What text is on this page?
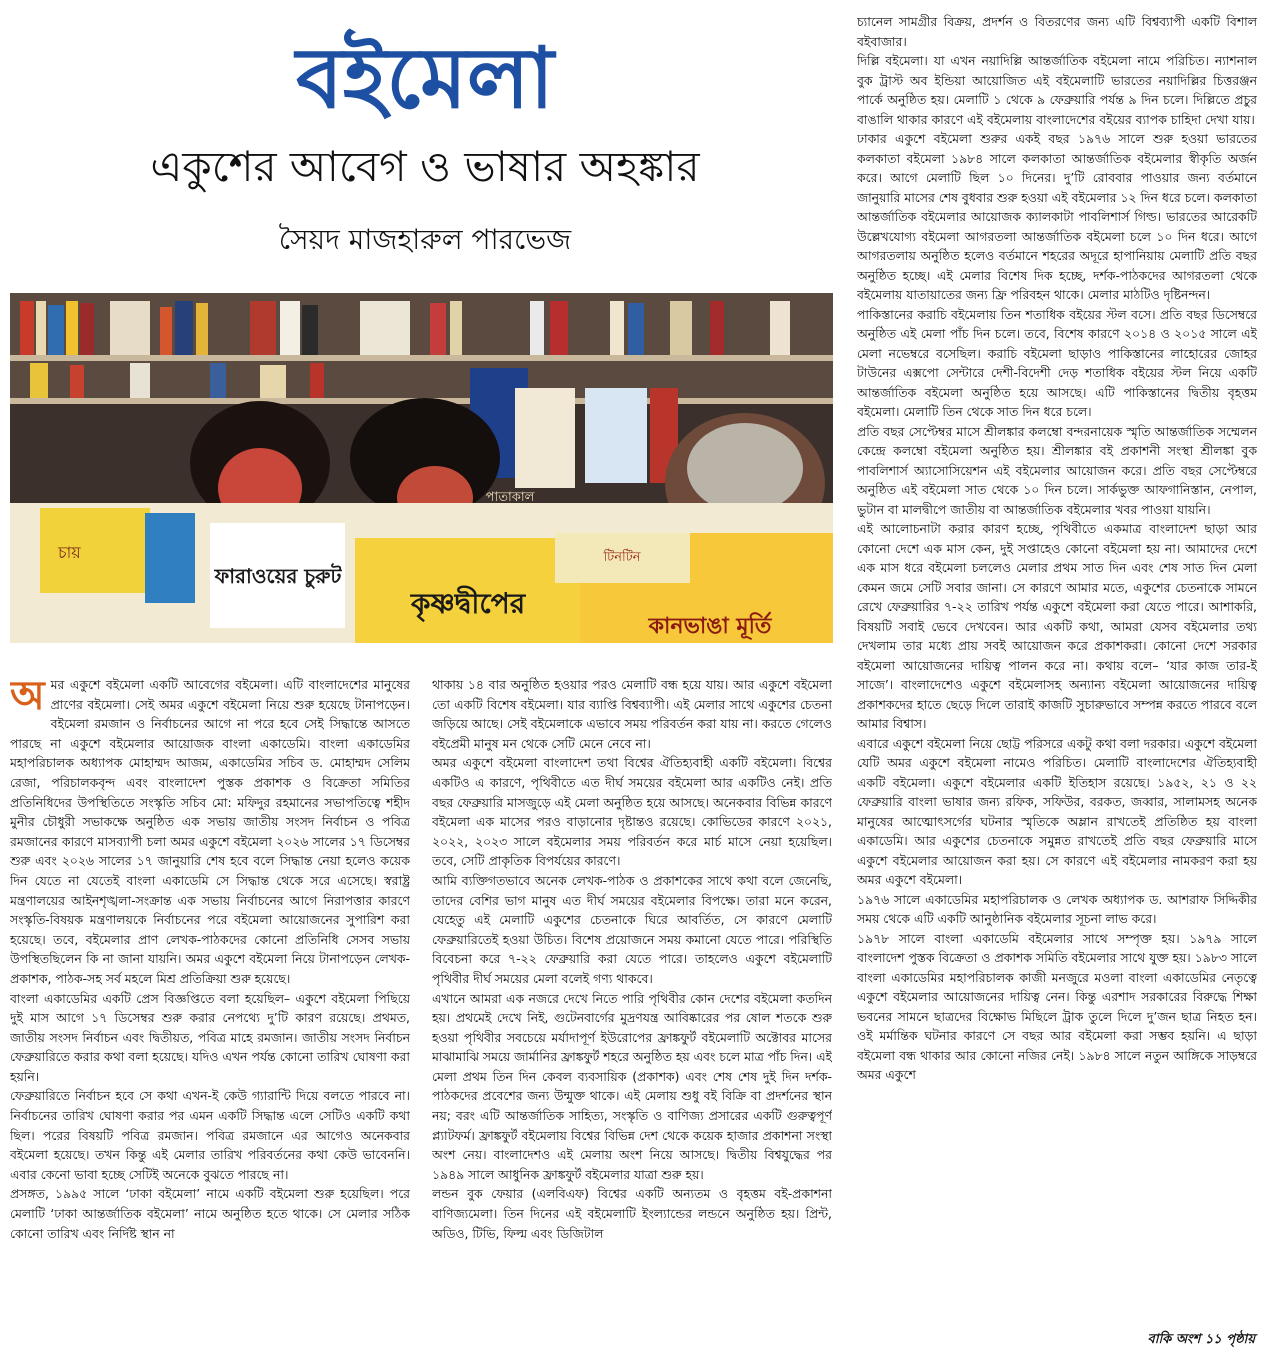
বইমেলা
একুশের আবেগ ও ভাষার অহঙ্কার
সৈয়দ মাজহারুল পারভেজ
চায়
ফারাওয়ের চুরুট
কৃষ্ণদ্বীপের
কানভাঙা মূর্তি
টিনটিন
পাতাকাল
অ মর একুশে বইমেলা একটি আবেগের বইমেলা। এটি বাংলাদেশের মানুষের প্রাণের বইমেলা। সেই অমর একুশে বইমেলা নিয়ে শুরু হয়েছে টানাপড়েন। বইমেলা রমজান ও নির্বাচনের আগে না পরে হবে সেই সিদ্ধান্তে আসতে পারছে না একুশে বইমেলার আয়োজক বাংলা একাডেমি। বাংলা একাডেমির মহাপরিচালক অধ্যাপক মোহাম্মদ আজম, একাডেমির সচিব ড. মোহাম্মদ সেলিম রেজা, পরিচালকবৃন্দ এবং বাংলাদেশ পুস্তক প্রকাশক ও বিক্রেতা সমিতির প্রতিনিধিদের উপস্থিতিতে সংস্কৃতি সচিব মো: মফিদুর রহমানের সভাপতিত্বে শহীদ মুনীর চৌধুরী সভাকক্ষে অনুষ্ঠিত এক সভায় জাতীয় সংসদ নির্বাচন ও পবিত্র রমজানের কারণে মাসব্যাপী চলা অমর একুশে বইমেলা ২০২৬ সালের ১৭ ডিসেম্বর শুরু এবং ২০২৬ সালের ১৭ জানুয়ারি শেষ হবে বলে সিদ্ধান্ত নেয়া হলেও কয়েক দিন যেতে না যেতেই বাংলা একাডেমি সে সিদ্ধান্ত থেকে সরে এসেছে। স্বরাষ্ট্র মন্ত্রণালয়ের আইনশৃঙ্খলা-সংক্রান্ত এক সভায় নির্বাচনের আগে নিরাপত্তার কারণে সংস্কৃতি-বিষয়ক মন্ত্রণালয়কে নির্বাচনের পরে বইমেলা আয়োজনের সুপারিশ করা হয়েছে। তবে, বইমেলার প্রাণ লেখক-পাঠকদের কোনো প্রতিনিধি সেসব সভায় উপস্থিতছিলেন কি না জানা যায়নি। অমর একুশে বইমেলা নিয়ে টানাপড়েন লেখক-প্রকাশক, পাঠক-সহ সর্ব মহলে মিশ্র প্রতিক্রিয়া শুরু হয়েছে।

বাংলা একাডেমির একটি প্রেস বিজ্ঞপ্তিতে বলা হয়েছিল– একুশে বইমেলা পিছিয়ে দুই মাস আগে ১৭ ডিসেম্বর শুরু করার নেপথ্যে দু’টি কারণ রয়েছে। প্রথমত, জাতীয় সংসদ নির্বাচন এবং দ্বিতীয়ত, পবিত্র মাহে রমজান। জাতীয় সংসদ নির্বাচন ফেব্রুয়ারিতে করার কথা বলা হয়েছে। যদিও এখন পর্যন্ত কোনো তারিখ ঘোষণা করা হয়নি।

ফেব্রুয়ারিতে নির্বাচন হবে সে কথা এখন-ই কেউ গ্যারান্টি দিয়ে বলতে পারবে না। নির্বাচনের তারিখ ঘোষণা করার পর এমন একটি সিদ্ধান্ত এলে সেটিও একটি কথা ছিল। পরের বিষয়টি পবিত্র রমজান। পবিত্র রমজানে এর আগেও অনেকবার বইমেলা হয়েছে। তখন কিন্তু এই মেলার তারিখ পরিবর্তনের কথা কেউ ভাবেননি। এবার কেনো ভাবা হচ্ছে সেটিই অনেকে বুঝতে পারছে না।

প্রসঙ্গত, ১৯৯৫ সালে ‘ঢাকা বইমেলা’ নামে একটি বইমেলা শুরু হয়েছিল। পরে মেলাটি ‘ঢাকা আন্তর্জাতিক বইমেলা’ নামে অনুষ্ঠিত হতে থাকে। সে মেলার সঠিক কোনো তারিখ এবং নির্দিষ্ট স্থান না

থাকায় ১৪ বার অনুষ্ঠিত হওয়ার পরও মেলাটি বন্ধ হয়ে যায়। আর একুশে বইমেলা তো একটি বিশেষ বইমেলা। যার ব্যাপ্তি বিশ্বব্যাপী। এই মেলার সাথে একুশের চেতনা জড়িয়ে আছে। সেই বইমেলাকে এভাবে সময় পরিবর্তন করা যায় না। করতে গেলেও বইপ্রেমী মানুষ মন থেকে সেটি মেনে নেবে না।

অমর একুশে বইমেলা বাংলাদেশ তথা বিশ্বের ঐতিহ্যবাহী একটি বইমেলা। বিশ্বের একটিও এ কারণে, পৃথিবীতে এত দীর্ঘ সময়ের বইমেলা আর একটিও নেই। প্রতি বছর ফেব্রুয়ারি মাসজুড়ে এই মেলা অনুষ্ঠিত হয়ে আসছে। অনেকবার বিভিন্ন কারণে বইমেলা এক মাসের পরও বাড়ানোর দৃষ্টান্তও রয়েছে। কোভিডের কারণে ২০২১, ২০২২, ২০২৩ সালে বইমেলার সময় পরিবর্তন করে মার্চ মাসে নেয়া হয়েছিল। তবে, সেটি প্রাকৃতিক বিপর্যয়ের কারণে।

আমি ব্যক্তিগতভাবে অনেক লেখক-পাঠক ও প্রকাশকের সাথে কথা বলে জেনেছি, তাদের বেশির ভাগ মানুষ এত দীর্ঘ সময়ের বইমেলার বিপক্ষে। তারা মনে করেন, যেহেতু এই মেলাটি একুশের চেতনাকে ঘিরে আবর্তিত, সে কারণে মেলাটি ফেব্রুয়ারিতেই হওয়া উচিত। বিশেষ প্রয়োজনে সময় কমানো যেতে পারে। পরিস্থিতি বিবেচনা করে ৭-২২ ফেব্রুয়ারি করা যেতে পারে। তাহলেও একুশে বইমেলাটি পৃথিবীর দীর্ঘ সময়ের মেলা বলেই গণ্য থাকবে।

এখানে আমরা এক নজরে দেখে নিতে পারি পৃথিবীর কোন দেশের বইমেলা কতদিন হয়। প্রথমেই দেখে নিই, গুটেনবার্গের মুদ্রণযন্ত্র আবিষ্কারের পর ষোল শতকে শুরু হওয়া পৃথিবীর সবচেয়ে মর্যাদাপূর্ণ ইউরোপের ফ্রাঙ্কফুর্ট বইমেলাটি অক্টোবর মাসের মাঝামাঝি সময়ে জার্মানির ফ্রাঙ্কফুর্ট শহরে অনুষ্ঠিত হয় এবং চলে মাত্র পাঁচ দিন। এই মেলা প্রথম তিন দিন কেবল ব্যবসায়িক (প্রকাশক) এবং শেষ শেষ দুই দিন দর্শক-পাঠকদের প্রবেশের জন্য উন্মুক্ত থাকে। এই মেলায় শুধু বই বিক্রি বা প্রদর্শনের স্থান নয়; বরং এটি আন্তর্জাতিক সাহিত্য, সংস্কৃতি ও বাণিজ্য প্রসারের একটি গুরুত্বপূর্ণ প্ল্যাটফর্ম। ফ্রাঙ্কফুর্ট বইমেলায় বিশ্বের বিভিন্ন দেশ থেকে কয়েক হাজার প্রকাশনা সংস্থা অংশ নেয়। বাংলাদেশও এই মেলায় অংশ নিয়ে আসছে। দ্বিতীয় বিশ্বযুদ্ধের পর ১৯৪৯ সালে আধুনিক ফ্রাঙ্কফুর্ট বইমেলার যাত্রা শুরু হয়।

লন্ডন বুক ফেয়ার (এলবিএফ) বিশ্বের একটি অন্যতম ও বৃহত্তম বই-প্রকাশনা বাণিজ্যমেলা। তিন দিনের এই বইমেলাটি ইংল্যান্ডের লন্ডনে অনুষ্ঠিত হয়। প্রিন্ট, অডিও, টিভি, ফিল্ম এবং ডিজিটাল

চ্যানেল সামগ্রীর বিক্রয়, প্রদর্শন ও বিতরণের জন্য এটি বিশ্বব্যাপী একটি বিশাল বইবাজার।

দিল্লি বইমেলা। যা এখন নয়াদিল্লি আন্তর্জাতিক বইমেলা নামে পরিচিত। ন্যাশনাল বুক ট্রাস্ট অব ইন্ডিয়া আয়োজিত এই বইমেলাটি ভারতের নয়াদিল্লির চিত্তরঞ্জন পার্কে অনুষ্ঠিত হয়। মেলাটি ১ থেকে ৯ ফেব্রুয়ারি পর্যন্ত ৯ দিন চলে। দিল্লিতে প্রচুর বাঙালি থাকার কারণে এই বইমেলায় বাংলাদেশের বইয়ের ব্যাপক চাহিদা দেখা যায়।

ঢাকার একুশে বইমেলা শুরুর একই বছর ১৯৭৬ সালে শুরু হওয়া ভারতের কলকাতা বইমেলা ১৯৮৪ সালে কলকাতা আন্তর্জাতিক বইমেলার স্বীকৃতি অর্জন করে। আগে মেলাটি ছিল ১০ দিনের। দু’টি রোববার পাওয়ার জন্য বর্তমানে জানুয়ারি মাসের শেষ বুধবার শুরু হওয়া এই বইমেলার ১২ দিন ধরে চলে। কলকাতা আন্তর্জাতিক বইমেলার আয়োজক ক্যালকাটা পাবলিশার্স গিল্ড। ভারতের আরেকটি উল্লেখযোগ্য বইমেলা আগরতলা আন্তর্জাতিক বইমেলা চলে ১০ দিন ধরে। আগে আগরতলায় অনুষ্ঠিত হলেও বর্তমানে শহরের অদূরে হাপানিয়ায় মেলাটি প্রতি বছর অনুষ্ঠিত হচ্ছে। এই মেলার বিশেষ দিক হচ্ছে, দর্শক-পাঠকদের আগরতলা থেকে বইমেলায় যাতায়াতের জন্য ফ্রি পরিবহন থাকে। মেলার মাঠটিও দৃষ্টিনন্দন।

পাকিস্তানের করাচি বইমেলায় তিন শতাধিক বইয়ের স্টল বসে। প্রতি বছর ডিসেম্বরে অনুষ্ঠিত এই মেলা পাঁচ দিন চলে। তবে, বিশেষ কারণে ২০১৪ ও ২০১৫ সালে এই মেলা নভেম্বরে বসেছিল। করাচি বইমেলা ছাড়াও পাকিস্তানের লাহোরের জোহর টাউনের এক্সপো সেন্টারে দেশী-বিদেশী দেড় শতাধিক বইয়ের স্টল নিয়ে একটি আন্তর্জাতিক বইমেলা অনুষ্ঠিত হয়ে আসছে। এটি পাকিস্তানের দ্বিতীয় বৃহত্তম বইমেলা। মেলাটি তিন থেকে সাত দিন ধরে চলে।

প্রতি বছর সেপ্টেম্বর মাসে শ্রীলঙ্কার কলম্বো বন্দরনায়েক স্মৃতি আন্তর্জাতিক সম্মেলন কেন্দ্রে কলম্বো বইমেলা অনুষ্ঠিত হয়। শ্রীলঙ্কার বই প্রকাশনী সংস্থা শ্রীলঙ্কা বুক পাবলিশার্স অ্যাসোসিয়েশন এই বইমেলার আয়োজন করে। প্রতি বছর সেপ্টেম্বরে অনুষ্ঠিত এই বইমেলা সাত থেকে ১০ দিন চলে। সার্কভুক্ত আফগানিস্তান, নেপাল, ভুটান বা মালদ্বীপে জাতীয় বা আন্তর্জাতিক বইমেলার খবর পাওয়া যায়নি।

এই আলোচনাটা করার কারণ হচ্ছে, পৃথিবীতে একমাত্র বাংলাদেশ ছাড়া আর কোনো দেশে এক মাস কেন, দুই সপ্তাহেও কোনো বইমেলা হয় না। আমাদের দেশে এক মাস ধরে বইমেলা চললেও মেলার প্রথম সাত দিন এবং শেষ সাত দিন মেলা কেমন জমে সেটি সবার জানা। সে কারণে আমার মতে, একুশের চেতনাকে সামনে রেখে ফেব্রুয়ারির ৭-২২ তারিখ পর্যন্ত একুশে বইমেলা করা যেতে পারে। আশাকরি, বিষয়টি সবাই ভেবে দেখবেন। আর একটি কথা, আমরা যেসব বইমেলার তথ্য দেখলাম তার মধ্যে প্রায় সবই আয়োজন করে প্রকাশকরা। কোনো দেশে সরকার বইমেলা আয়োজনের দায়িত্ব পালন করে না। কথায় বলে– ‘যার কাজ তার-ই সাজে’। বাংলাদেশেও একুশে বইমেলাসহ অন্যান্য বইমেলা আয়োজনের দায়িত্ব প্রকাশকদের হাতে ছেড়ে দিলে তারাই কাজটি সুচারুভাবে সম্পন্ন করতে পারবে বলে আমার বিশ্বাস।

এবারে একুশে বইমেলা নিয়ে ছোট্ট পরিসরে একটু কথা বলা দরকার। একুশে বইমেলা যেটি অমর একুশে বইমেলা নামেও পরিচিত। মেলাটি বাংলাদেশের ঐতিহ্যবাহী একটি বইমেলা। একুশে বইমেলার একটি ইতিহাস রয়েছে। ১৯৫২, ২১ ও ২২ ফেব্রুয়ারি বাংলা ভাষার জন্য রফিক, সফিউর, বরকত, জব্বার, সালামসহ অনেক মানুষের আত্মোৎসর্গের ঘটনার স্মৃতিকে অম্লান রাখতেই প্রতিষ্ঠিত হয় বাংলা একাডেমি। আর একুশের চেতনাকে সমুন্নত রাখতেই প্রতি বছর ফেব্রুয়ারি মাসে একুশে বইমেলার আয়োজন করা হয়। সে কারণে এই বইমেলার নামকরণ করা হয় অমর একুশে বইমেলা।

১৯৭৬ সালে একাডেমির মহাপরিচালক ও লেখক অধ্যাপক ড. আশরাফ সিদ্দিকীর সময় থেকে এটি একটি আনুষ্ঠানিক বইমেলার সূচনা লাভ করে।

১৯৭৮ সালে বাংলা একাডেমি বইমেলার সাথে সম্পৃক্ত হয়। ১৯৭৯ সালে বাংলাদেশ পুস্তক বিক্রেতা ও প্রকাশক সমিতি বইমেলার সাথে যুক্ত হয়। ১৯৮৩ সালে বাংলা একাডেমির মহাপরিচালক কাজী মনজুরে মওলা বাংলা একাডেমির নেতৃত্বে একুশে বইমেলার আয়োজনের দায়িত্ব নেন। কিন্তু এরশাদ সরকারের বিরুদ্ধে শিক্ষা ভবনের সামনে ছাত্রদের বিক্ষোভ মিছিলে ট্রাক তুলে দিলে দু’জন ছাত্র নিহত হন। ওই মর্মান্তিক ঘটনার কারণে সে বছর আর বইমেলা করা সম্ভব হয়নি। এ ছাড়া বইমেলা বন্ধ থাকার আর কোনো নজির নেই। ১৯৮৪ সালে নতুন আঙ্গিকে সাড়ম্বরে অমর একুশে

বাকি অংশ ১১ পৃষ্ঠায়
